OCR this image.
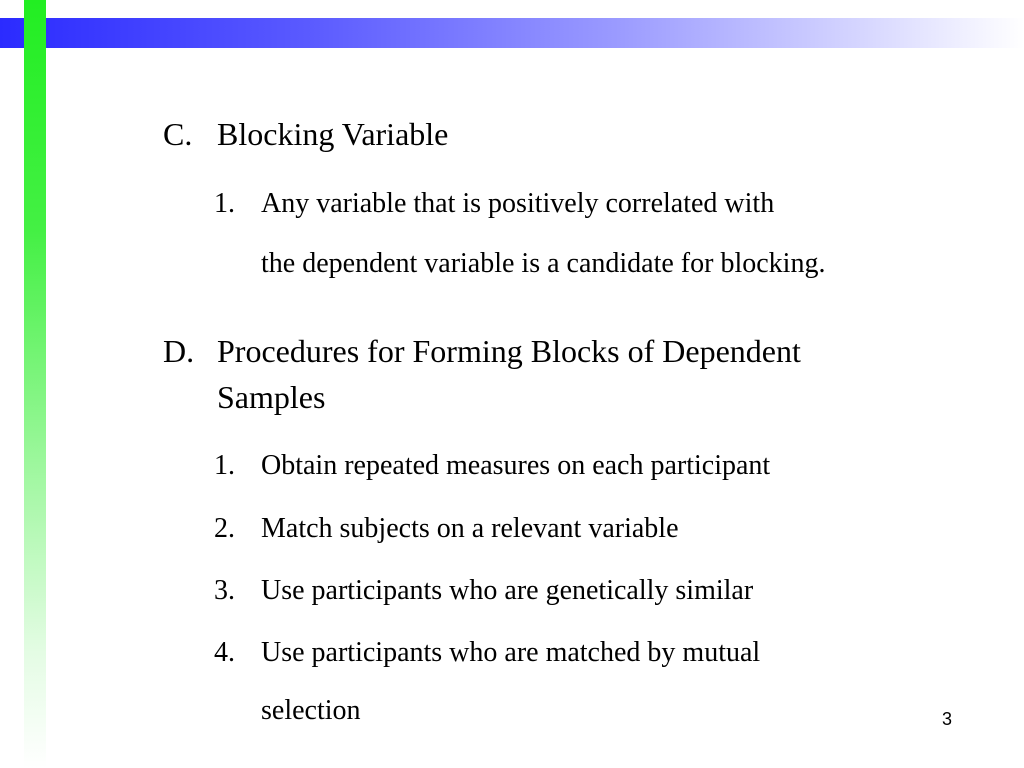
C. Blocking Variable
1. Any variable that is positively correlated with
the dependent variable is a candidate for blocking.
D. Procedures for Forming Blocks of Dependent
Samples
1. Obtain repeated measures on each participant
2. Match subjects on a relevant variable
3. Use participants who are genetically similar
4. Use participants who are matched by mutual
selection	3
